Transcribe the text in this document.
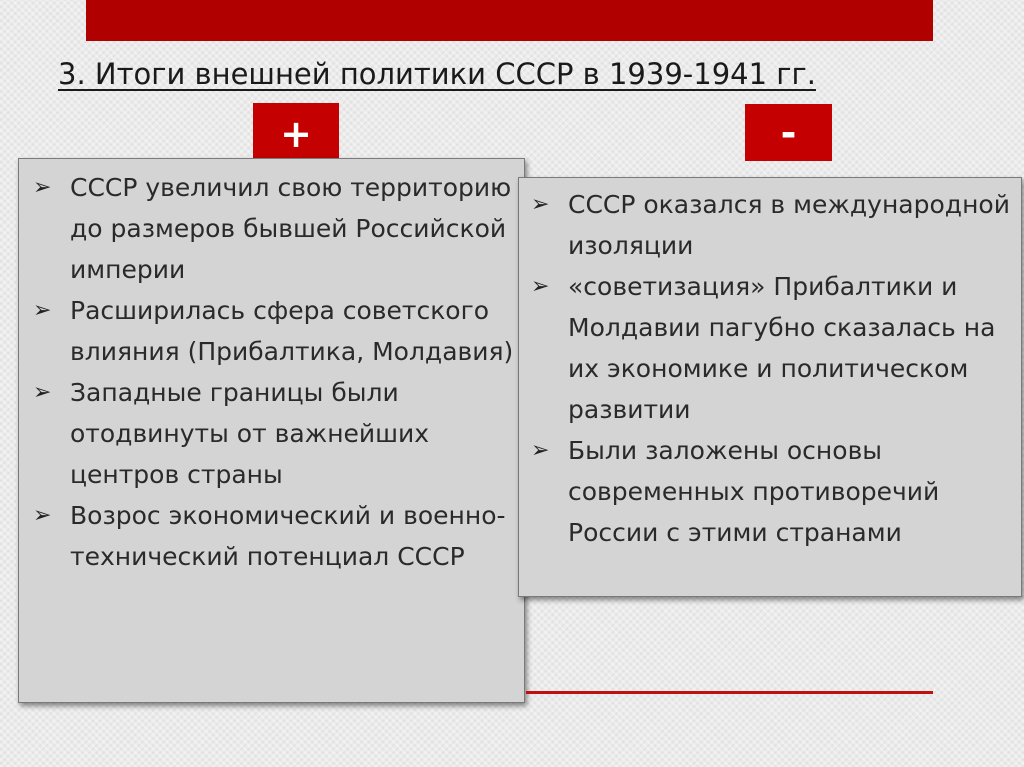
3. Итоги внешней политики СССР в 1939-1941 гг.
+	-
➢ СССР увеличил свою территорию до размеров бывшей Российской империи
➢ Расширилась сфера советского влияния (Прибалтика, Молдавия)
➢ Западные границы были отодвинуты от важнейших центров страны
➢ Возрос экономический и военно-технический потенциал СССР
➢ СССР оказался в международной изоляции
➢ «советизация» Прибалтики и Молдавии пагубно сказалась на их экономике и политическом развитии
➢ Были заложены основы современных противоречий России с этими странами
